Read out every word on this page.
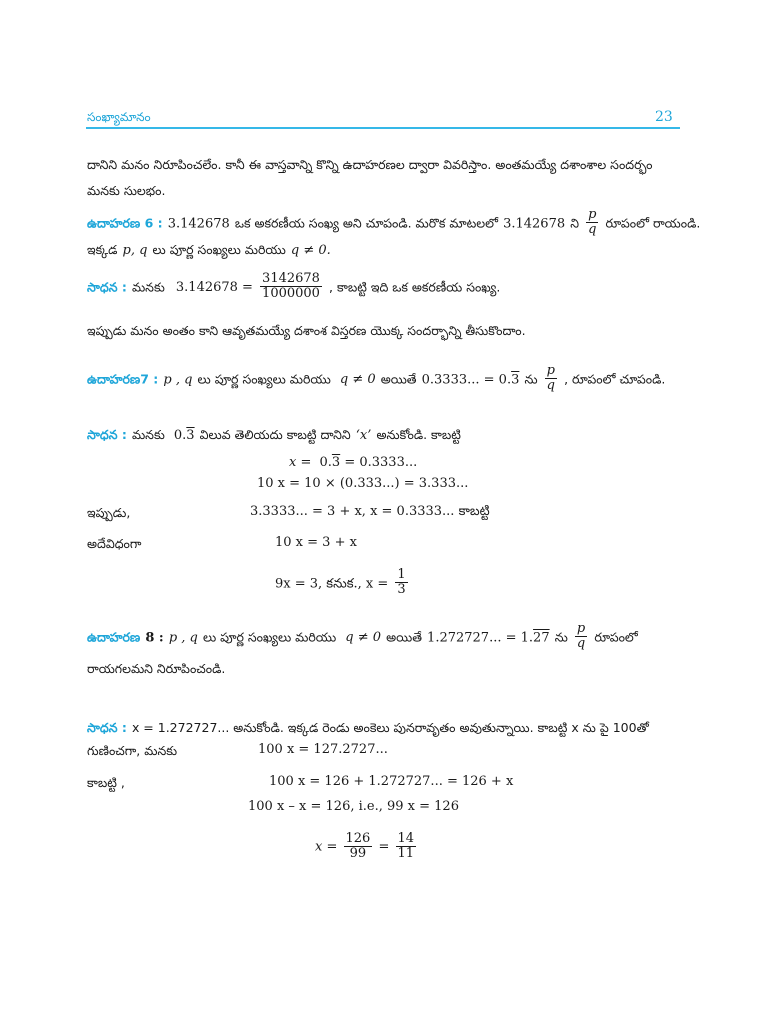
సంఖ్యామానం	23
దానిని మనం నిరూపించలేం. కానీ ఈ వాస్తవాన్ని కొన్ని ఉదాహరణల ద్వారా వివరిస్తాం. అంతమయ్యే దశాంశాల సందర్భం
మనకు సులభం.
ఉదాహరణ 6 : 3.142678 ఒక అకరణీయ సంఖ్య అని చూపండి. మరొక మాటలలో 3.142678 ని $\frac{p}{q}$ రూపంలో రాయండి.
ఇక్కడ p, q లు పూర్ణ సంఖ్యలు మరియు q ≠ 0.
సాధన : మనకు $3.142678 = \frac{3142678}{1000000}$ , కాబట్టి ఇది ఒక అకరణీయ సంఖ్య.
ఇప్పుడు మనం అంతం కాని ఆవృతమయ్యే దశాంశ విస్తరణ యొక్క సందర్భాన్ని తీసుకొందాం.
ఉదాహరణ7 : p , q లు పూర్ణ సంఖ్యలు మరియు q ≠ 0 అయితే 0.3333... = 0.3 ను $\frac{p}{q}$ , రూపంలో చూపండి.
సాధన : మనకు 0.3 విలువ తెలియదు కాబట్టి దానిని ‘x’ అనుకోండి. కాబట్టి
x = 0.3 = 0.3333...
10 x = 10 × (0.333...) = 3.333...
ఇప్పుడు,	3.3333... = 3 + x, x = 0.3333... కాబట్టి
అదేవిధంగా	10 x = 3 + x
9x = 3, కనుక., $x = \frac{1}{3}$
ఉదాహరణ 8 : p , q లు పూర్ణ సంఖ్యలు మరియు q ≠ 0 అయితే 1.272727... = 1.27 ను $\frac{p}{q}$ రూపంలో
రాయగలమని నిరూపించండి.
సాధన : x = 1.272727... అనుకోండి. ఇక్కడ రెండు అంకెలు పునరావృతం అవుతున్నాయి. కాబట్టి x ను పై 100తో
గుణించగా, మనకు	100 x = 127.2727...
కాబట్టి ,	100 x = 126 + 1.272727... = 126 + x
100 x – x = 126, i.e., 99 x = 126
$x = \frac{126}{99} = \frac{14}{11}$
